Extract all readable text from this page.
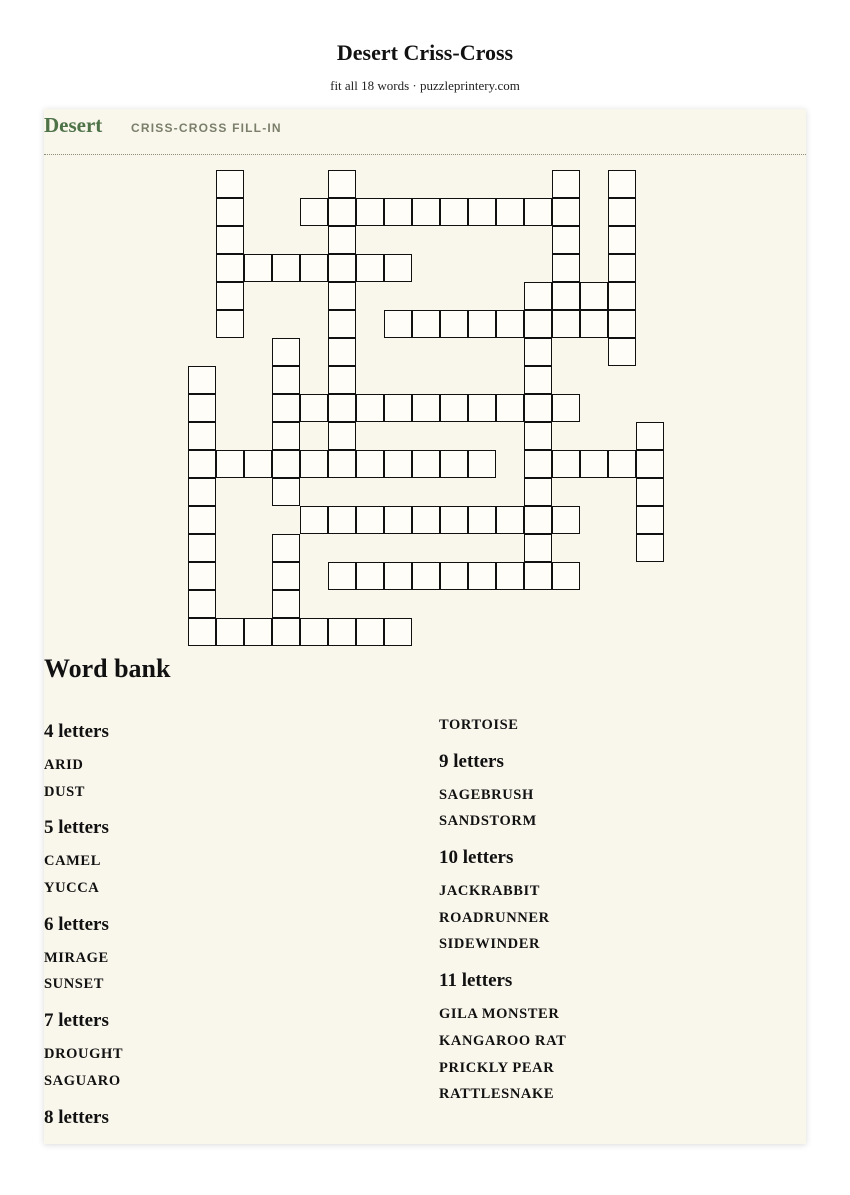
Desert Criss-Cross
fit all 18 words · puzzleprintery.com
Desert CRISS-CROSS FILL-IN
Word bank
4 letters
ARID
DUST
5 letters
CAMEL
YUCCA
6 letters
MIRAGE
SUNSET
7 letters
DROUGHT
SAGUARO
8 letters
TORTOISE
9 letters
SAGEBRUSH
SANDSTORM
10 letters
JACKRABBIT
ROADRUNNER
SIDEWINDER
11 letters
GILA MONSTER
KANGAROO RAT
PRICKLY PEAR
RATTLESNAKE
